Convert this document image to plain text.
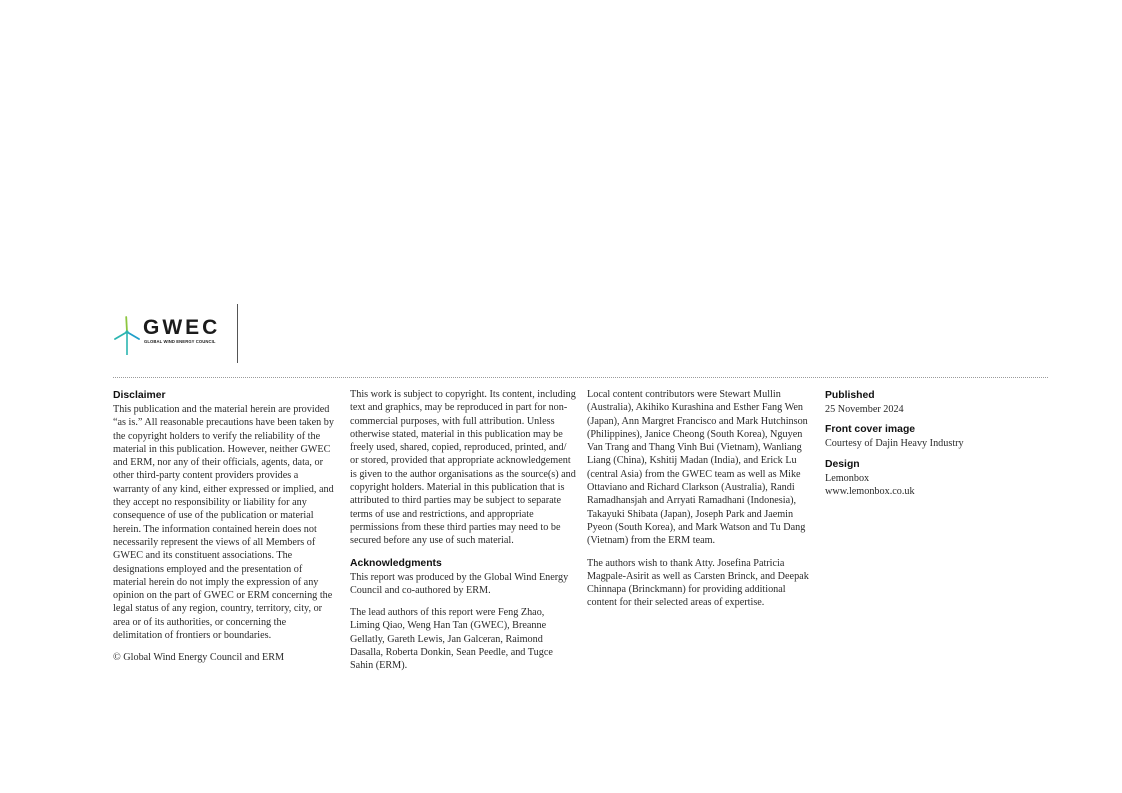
GWEC
GLOBAL WIND ENERGY COUNCIL
Disclaimer

This publication and the material herein are provided “as is.” All reasonable precautions have been taken by the copyright holders to verify the reliability of the material in this publication. However, neither GWEC and ERM, nor any of their officials, agents, data, or other third-party content providers provides a warranty of any kind, either expressed or implied, and they accept no responsibility or liability for any consequence of use of the publication or material herein. The information contained herein does not necessarily represent the views of all Members of GWEC and its constituent associations. The designations employed and the presentation of material herein do not imply the expression of any opinion on the part of GWEC or ERM concerning the legal status of any region, country, territory, city, or area or of its authorities, or concerning the delimitation of frontiers or boundaries.

© Global Wind Energy Council and ERM

This work is subject to copyright. Its content, including text and graphics, may be reproduced in part for non-commercial purposes, with full attribution. Unless otherwise stated, material in this publication may be freely used, shared, copied, reproduced, printed, and/ or stored, provided that appropriate acknowledgement is given to the author organisations as the source(s) and copyright holders. Material in this publication that is attributed to third parties may be subject to separate terms of use and restrictions, and appropriate permissions from these third parties may need to be secured before any use of such material.

Acknowledgments

This report was produced by the Global Wind Energy Council and co-authored by ERM.

The lead authors of this report were Feng Zhao, Liming Qiao, Weng Han Tan (GWEC), Breanne Gellatly, Gareth Lewis, Jan Galceran, Raimond Dasalla, Roberta Donkin, Sean Peedle, and Tugce Sahin (ERM).

Local content contributors were Stewart Mullin (Australia), Akihiko Kurashina and Esther Fang Wen (Japan), Ann Margret Francisco and Mark Hutchinson (Philippines), Janice Cheong (South Korea), Nguyen Van Trang and Thang Vinh Bui (Vietnam), Wanliang Liang (China), Kshitij Madan (India), and Erick Lu (central Asia) from the GWEC team as well as Mike Ottaviano and Richard Clarkson (Australia), Randi Ramadhansjah and Arryati Ramadhani (Indonesia), Takayuki Shibata (Japan), Joseph Park and Jaemin Pyeon (South Korea), and Mark Watson and Tu Dang (Vietnam) from the ERM team.

The authors wish to thank Atty. Josefina Patricia Magpale-Asirit as well as Carsten Brinck, and Deepak Chinnapa (Brinckmann) for providing additional content for their selected areas of expertise.

Published

25 November 2024

Front cover image

Courtesy of Dajin Heavy Industry

Design

Lemonbox
www.lemonbox.co.uk
